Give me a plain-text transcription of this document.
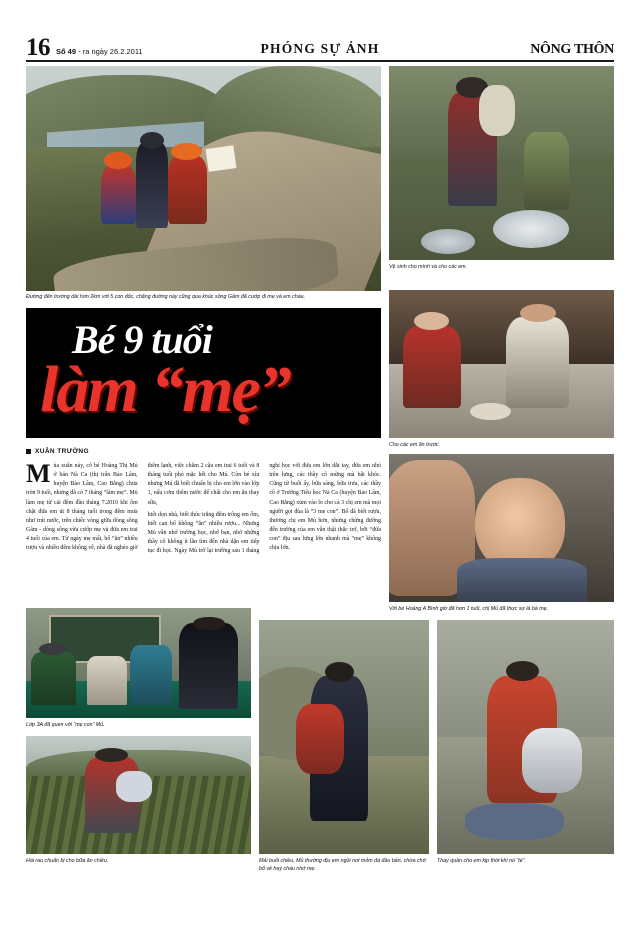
16 Số 49 - ra ngày 26.2.2011	PHÓNG SỰ ẢNH	NÔNG THÔN
Đường đến trường dài hơn 2km với 5 con dốc, chặng đường này cũng qua khúc sông Gâm đã cướp đi mẹ và em cháu.
Vệ sinh cho mình và cho các em.
Bé 9 tuổi
làm “mẹ”
Cho các em ăn trước.
XUÂN TRƯỜNG

Mùa xuân này, cô bé Hoàng Thị Mủ ở bản Nà Ca (thị trấn Bảo Lâm, huyện Bảo Lâm, Cao Bằng) chưa tròn 9 tuổi, nhưng đã có 7 tháng “làm mẹ”. Mủ làm mẹ từ cái đêm đầu tháng 7.2010 khi ốm chặt đứa em út 8 tháng tuổi trong đêm mưa như trút nước, trên chiếc vòng giữa dòng sông Gâm - dòng sông vừa cướp mẹ và đứa em trai 4 tuổi của em. Từ ngày mẹ mất, bố “ăn” nhiều rượu và nhiều đêm không về, nhà đã nghèo giờ thêm lạnh, việc chăm 2 cậu em trai 6 tuổi và 8 tháng tuổi phó mặc hết cho Mủ. Còn bé xíu nhưng Mủ đã biết chuẩn bị cho em lớn vào lớp 1, nấu cơm thêm nước để chất cho em ăn thay sữa,

biết dọn nhà, biết thúc trắng đêm trông em ốm, biết can bố không “ăn” nhiều rượu... Nhưng Mủ vẫn nhớ trường học, nhớ bạn, nhớ những thầy cô không ít lần tìm đến nhà dặn em tiếp tục đi học. Ngày Mủ trở lại trường sau 1 tháng nghỉ học với đứa em lớn dắt tay, đứa em nhỏ trên lưng, các thầy cô mừng mà bật khóc. Cũng từ buổi ấy, bữa sáng, bữa trưa, các thầy cô ở Trường Tiểu học Nà Ca (huyện Bảo Lâm, Cao Bằng) xúm vào lo cho cả 3 chị em mà mọi người gọi đùa là “3 mẹ con”. Bố đã biết rượu, thương chị em Mủ hơn, nhưng chừng đường đến trường của em vẫn thật thắc trở, bởi “đứa con” địu sau lưng lớn nhanh mà “mẹ” không chịu lớn.

Với bé Hoàng A Bình giờ đã hơn 1 tuổi, chị Mủ đã thực sự là bà mẹ.
Lớp 3A đã quen với “mẹ con” Mủ.
Hái rau chuẩn bị cho bữa ăn chiều.	Mải buổi chiều, Mủ thường địu em ngồi nơi mỏm đá đầu bản, chừa chờ bố về hay cháu nhớ mẹ.
Thay quần cho em kịp thời khi nó “tè”.
